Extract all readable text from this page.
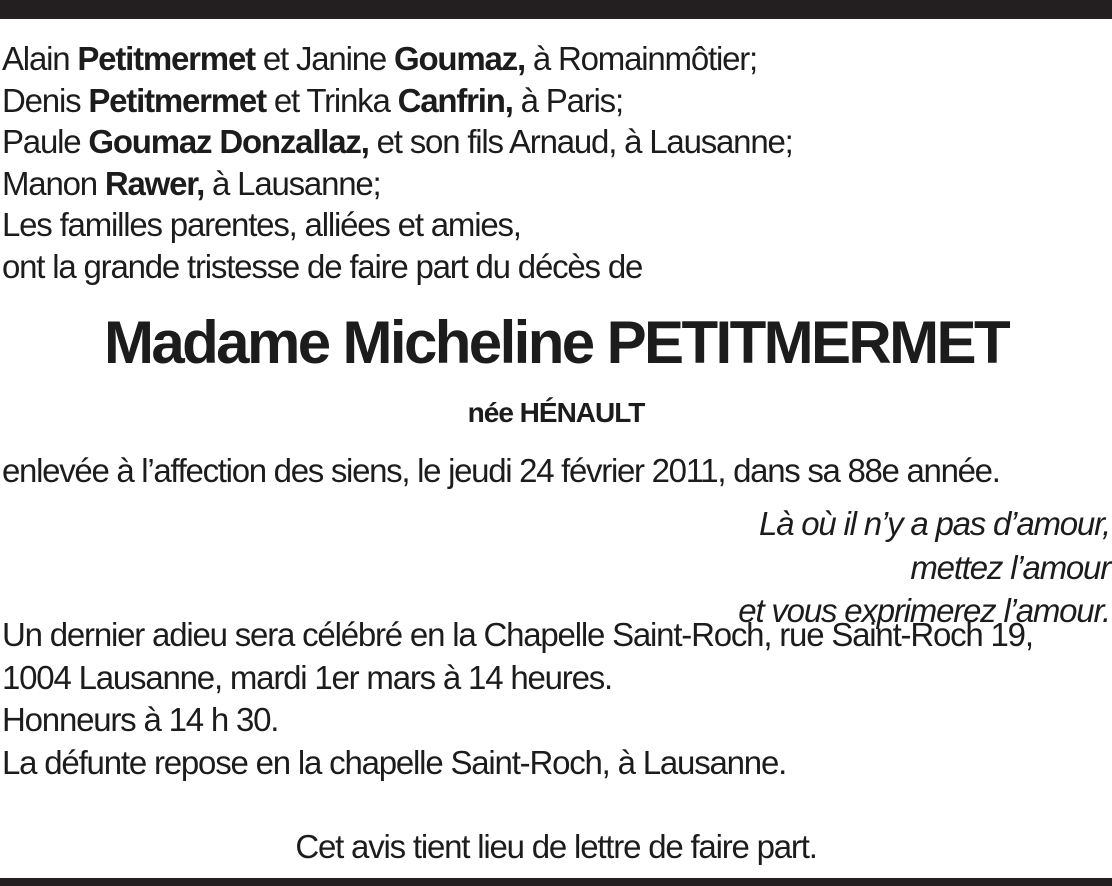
Alain Petitmermet et Janine Goumaz, à Romainmôtier;
Denis Petitmermet et Trinka Canfrin, à Paris;
Paule Goumaz Donzallaz, et son fils Arnaud, à Lausanne;
Manon Rawer, à Lausanne;
Les familles parentes, alliées et amies,
ont la grande tristesse de faire part du décès de
Madame Micheline PETITMERMET
née HÉNAULT
enlevée à l’affection des siens, le jeudi 24 février 2011, dans sa 88e année.
Là où il n’y a pas d’amour,
mettez l’amour
et vous exprimerez l’amour.
Un dernier adieu sera célébré en la Chapelle Saint-Roch, rue Saint-Roch 19,
1004 Lausanne, mardi 1er mars à 14 heures.
Honneurs à 14 h 30.
La défunte repose en la chapelle Saint-Roch, à Lausanne.
Cet avis tient lieu de lettre de faire part.
